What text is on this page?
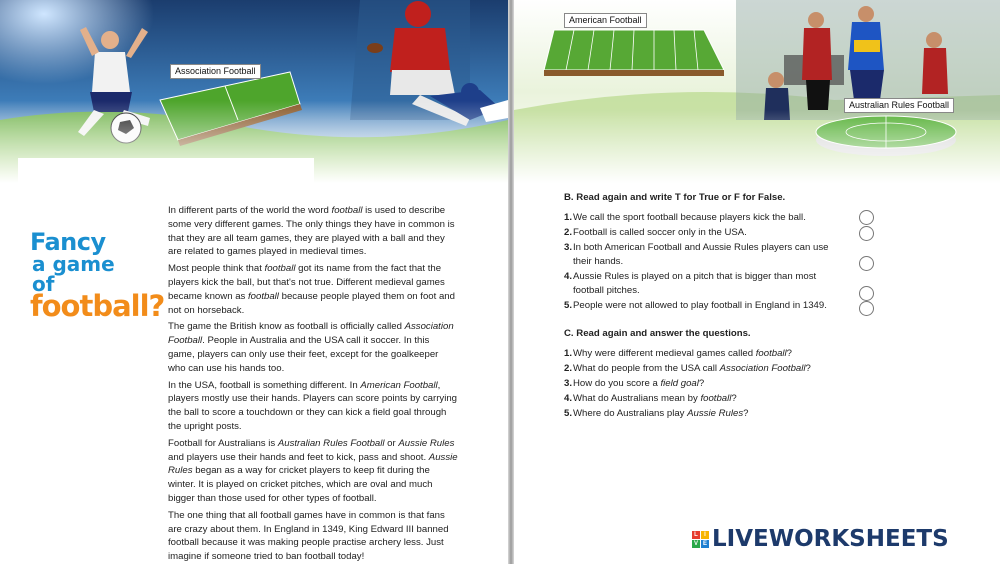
Association Football
Fancy
a game
of
football?

In different parts of the world the word football is used to describe some very different games. The only things they have in common is that they are all team games, they are played with a ball and they are related to games played in medieval times.

Most people think that football got its name from the fact that the players kick the ball, but that's not true. Different medieval games became known as football because people played them on foot and not on horseback.

The game the British know as football is officially called Association Football. People in Australia and the USA call it soccer. In this game, players can only use their feet, except for the goalkeeper who can use his hands too.

In the USA, football is something different. In American Football, players mostly use their hands. Players can score points by carrying the ball to score a touchdown or they can kick a field goal through the upright posts.

Football for Australians is Australian Rules Football or Aussie Rules and players use their hands and feet to kick, pass and shoot. Aussie Rules began as a way for cricket players to keep fit during the winter. It is played on cricket pitches, which are oval and much bigger than those used for other types of football.

The one thing that all football games have in common is that fans are crazy about them. In England in 1349, King Edward III banned football because it was making people practise archery less. Just imagine if someone tried to ban football today!

American Football
Australian Rules Football
B. Read again and write T for True or F for False.
1. We call the sport football because players kick the ball.
2. Football is called soccer only in the USA.
3. In both American Football and Aussie Rules players can use their hands.
4. Aussie Rules is played on a pitch that is bigger than most football pitches.
5. People were not allowed to play football in England in 1349.
C. Read again and answer the questions.
1. Why were different medieval games called football?
2. What do people from the USA call Association Football?
3. How do you score a field goal?
4. What do Australians mean by football?
5. Where do Australians play Aussie Rules?
L	I
V E LIVEWORKSHEETS
